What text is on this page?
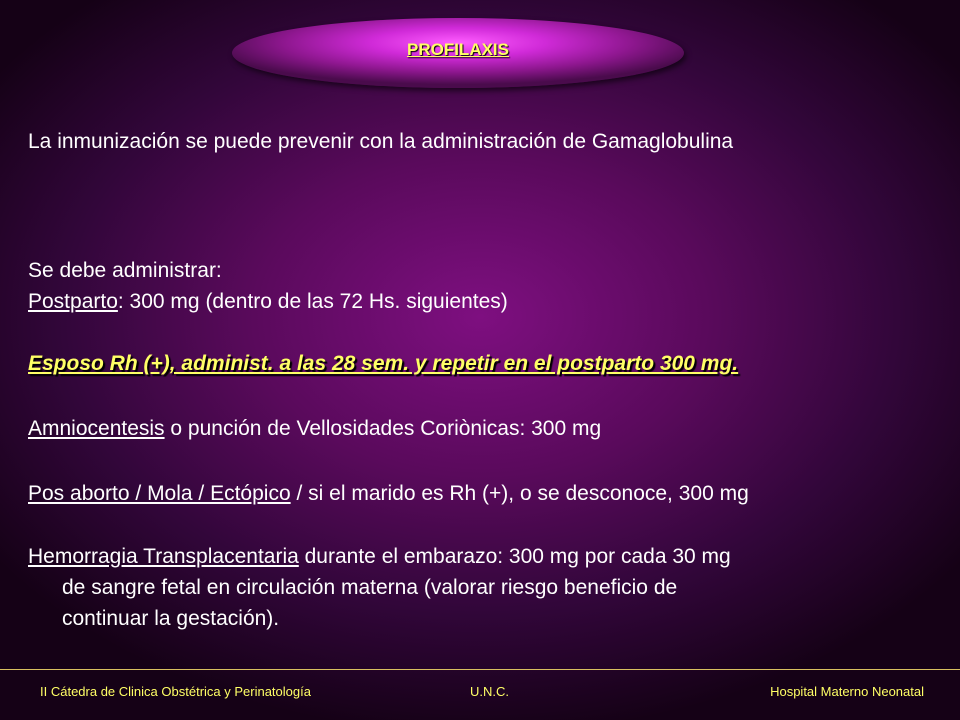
PROFILAXIS
La inmunización se puede prevenir con la administración de Gamaglobulina
Se debe administrar:
Postparto: 300 mg (dentro de las 72 Hs. siguientes)
Esposo Rh (+), administ. a las 28 sem. y repetir en el postparto 300 mg.
Amniocentesis o punción de Vellosidades Coriònicas: 300 mg
Pos aborto / Mola / Ectópico / si el marido es Rh (+), o se desconoce, 300 mg
Hemorragia Transplacentaria durante el embarazo: 300 mg por cada 30 mg
de sangre fetal en circulación materna (valorar riesgo beneficio de
continuar la gestación).
II Cátedra de Clinica Obstétrica y Perinatología	U.N.C.	Hospital Materno Neonatal
